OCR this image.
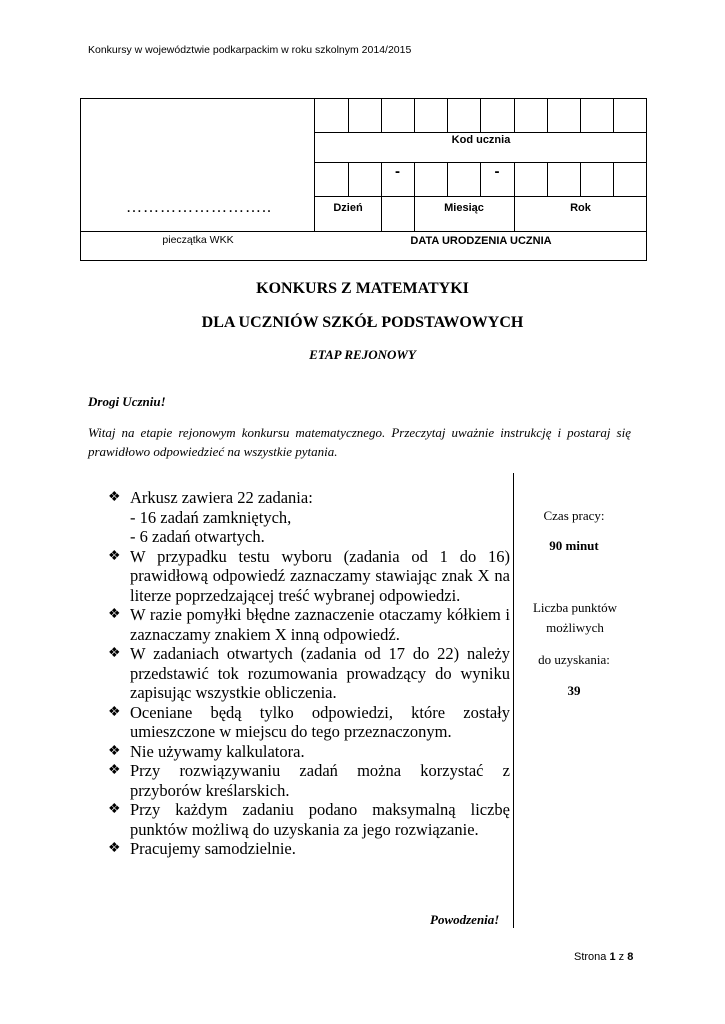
Konkursy w województwie podkarpackim w roku szkolnym 2014/2015
……………………..
pieczątka WKK
Kod ucznia
-	-
Dzień	Miesiąc	Rok
DATA URODZENIA UCZNIA
KONKURS Z MATEMATYKI
DLA UCZNIÓW SZKÓŁ PODSTAWOWYCH
ETAP REJONOWY
Drogi Uczniu!
Witaj na etapie rejonowym konkursu matematycznego. Przeczytaj uważnie instrukcję i postaraj się prawidłowo odpowiedzieć na wszystkie pytania.
❖ Arkusz zawiera 22 zadania:
- 16 zadań zamkniętych,
- 6 zadań otwartych.
❖ W przypadku testu wyboru (zadania od 1 do 16) prawidłową odpowiedź zaznaczamy stawiając znak X na literze poprzedzającej treść wybranej odpowiedzi.
❖ W razie pomyłki błędne zaznaczenie otaczamy kółkiem i zaznaczamy znakiem X inną odpowiedź.
❖ W zadaniach otwartych (zadania od 17 do 22) należy przedstawić tok rozumowania prowadzący do wyniku zapisując wszystkie obliczenia.
❖ Oceniane będą tylko odpowiedzi, które zostały umieszczone w miejscu do tego przeznaczonym.
❖ Nie używamy kalkulatora.
❖ Przy rozwiązywaniu zadań można korzystać z przyborów kreślarskich.
❖ Przy każdym zadaniu podano maksymalną liczbę punktów możliwą do uzyskania za jego rozwiązanie.
❖ Pracujemy samodzielnie.
Czas pracy:
90 minut
Liczba punktów możliwych
do uzyskania:
39
Powodzenia!
Strona 1 z 8
